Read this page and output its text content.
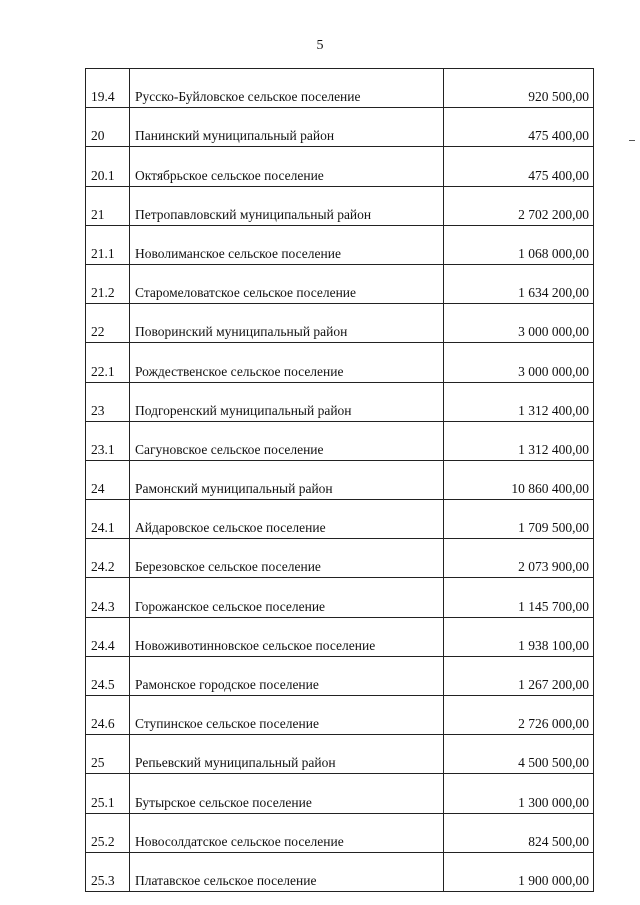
5
19.4	Русско-Буйловское сельское поселение	920 500,00
20	Панинский муниципальный район	475 400,00
20.1	Октябрьское сельское поселение	475 400,00
21	Петропавловский муниципальный район	2 702 200,00
21.1	Новолиманское сельское поселение	1 068 000,00
21.2	Старомеловатское сельское поселение	1 634 200,00
22	Поворинский муниципальный район	3 000 000,00
22.1	Рождественское сельское поселение	3 000 000,00
23	Подгоренский муниципальный район	1 312 400,00
23.1	Сагуновское сельское поселение	1 312 400,00
24	Рамонский муниципальный район	10 860 400,00
24.1	Айдаровское сельское поселение	1 709 500,00
24.2	Березовское сельское поселение	2 073 900,00
24.3	Горожанское сельское поселение	1 145 700,00
24.4	Новоживотинновское сельское поселение	1 938 100,00
24.5	Рамонское городское поселение	1 267 200,00
24.6	Ступинское сельское поселение	2 726 000,00
25	Репьевский муниципальный район	4 500 500,00
25.1	Бутырское сельское поселение	1 300 000,00
25.2	Новосолдатское сельское поселение	824 500,00
25.3	Платавское сельское поселение	1 900 000,00
